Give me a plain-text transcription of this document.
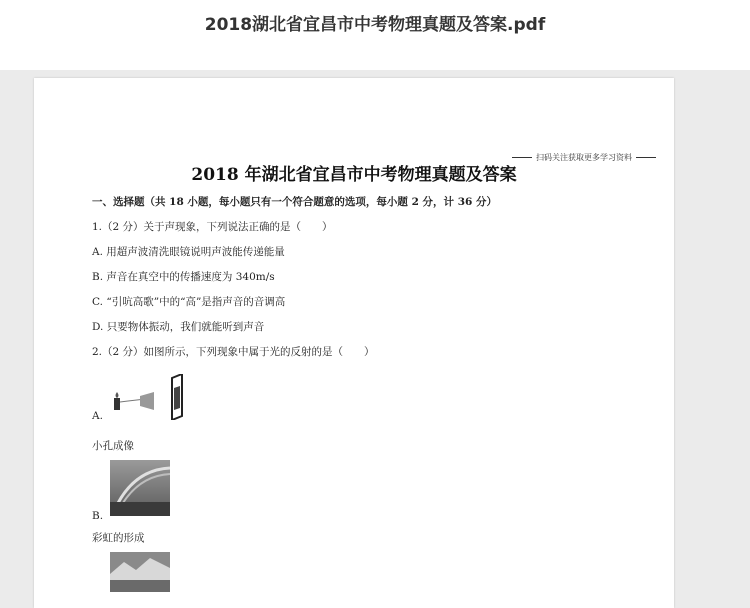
2018湖北省宜昌市中考物理真题及答案.pdf
扫码关注获取更多学习资料
2018 年湖北省宜昌市中考物理真题及答案
一、选择题（共 18 小题，每小题只有一个符合题意的选项，每小题 2 分，计 36 分）
1.（2 分）关于声现象，下列说法正确的是（　　）
A. 用超声波清洗眼镜说明声波能传递能量
B. 声音在真空中的传播速度为 340m/s
C. “引吭高歌”中的“高”是指声音的音调高
D. 只要物体振动，我们就能听到声音
2.（2 分）如图所示，下列现象中属于光的反射的是（　　）
A.
小孔成像
B.
彩虹的形成
